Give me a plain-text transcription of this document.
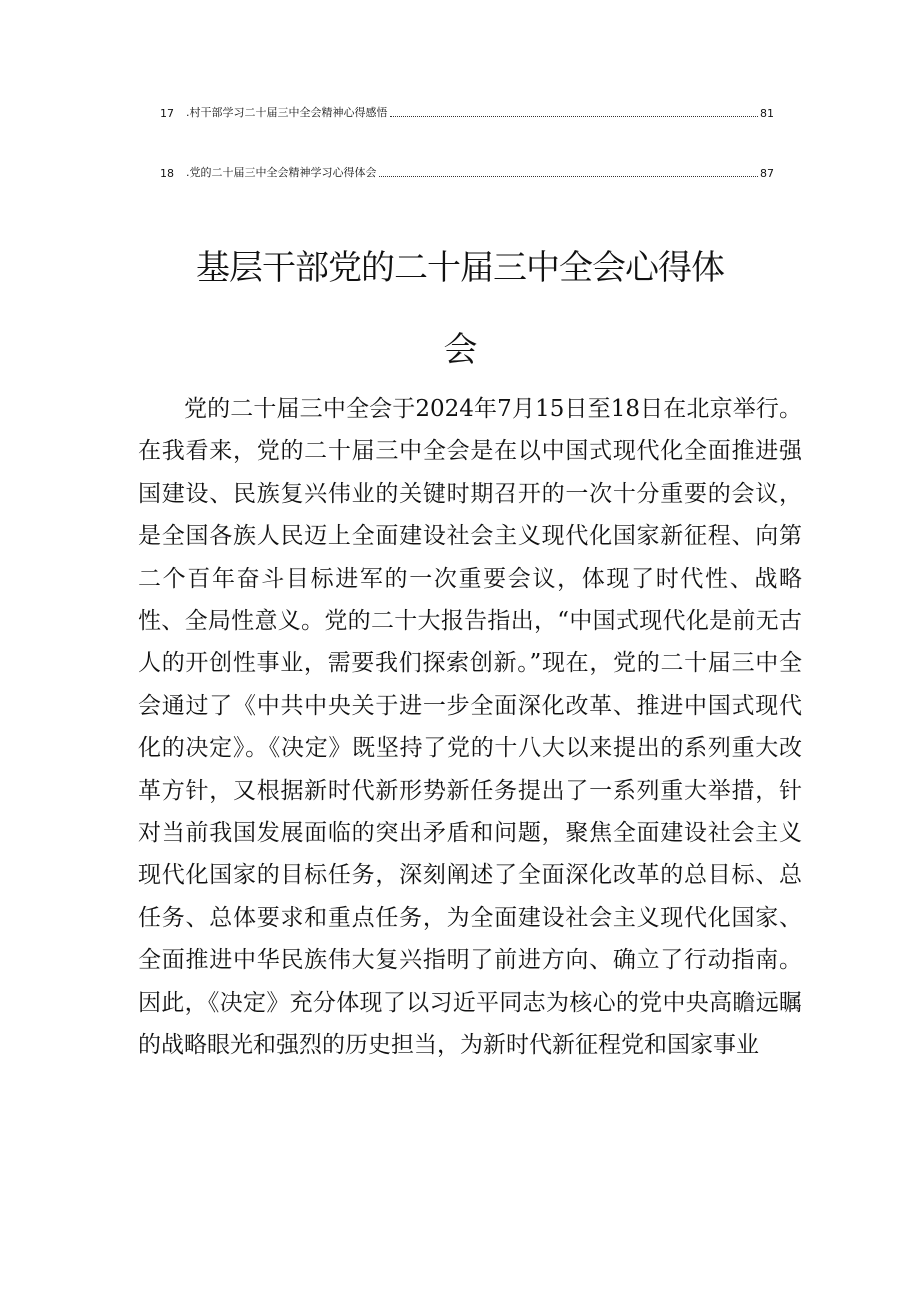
17	.村干部学习二十届三中全会精神心得感悟	81
18	.党的二十届三中全会精神学习心得体会	87
基层干部党的二十届三中全会心得体
会

党的二十届三中全会于2024年7月15日至18日在北京举行。在我看来，党的二十届三中全会是在以中国式现代化全面推进强国建设、民族复兴伟业的关键时期召开的一次十分重要的会议，是全国各族人民迈上全面建设社会主义现代化国家新征程、向第二个百年奋斗目标进军的一次重要会议，体现了时代性、战略性、全局性意义。党的二十大报告指出，“中国式现代化是前无古人的开创性事业，需要我们探索创新。”现在，党的二十届三中全会通过了《中共中央关于进一步全面深化改革、推进中国式现代化的决定》。《决定》既坚持了党的十八大以来提出的系列重大改革方针，又根据新时代新形势新任务提出了一系列重大举措，针对当前我国发展面临的突出矛盾和问题，聚焦全面建设社会主义现代化国家的目标任务，深刻阐述了全面深化改革的总目标、总任务、总体要求和重点任务，为全面建设社会主义现代化国家、全面推进中华民族伟大复兴指明了前进方向、确立了行动指南。因此，《决定》充分体现了以习近平同志为核心的党中央高瞻远瞩的战略眼光和强烈的历史担当，为新时代新征程党和国家事业
